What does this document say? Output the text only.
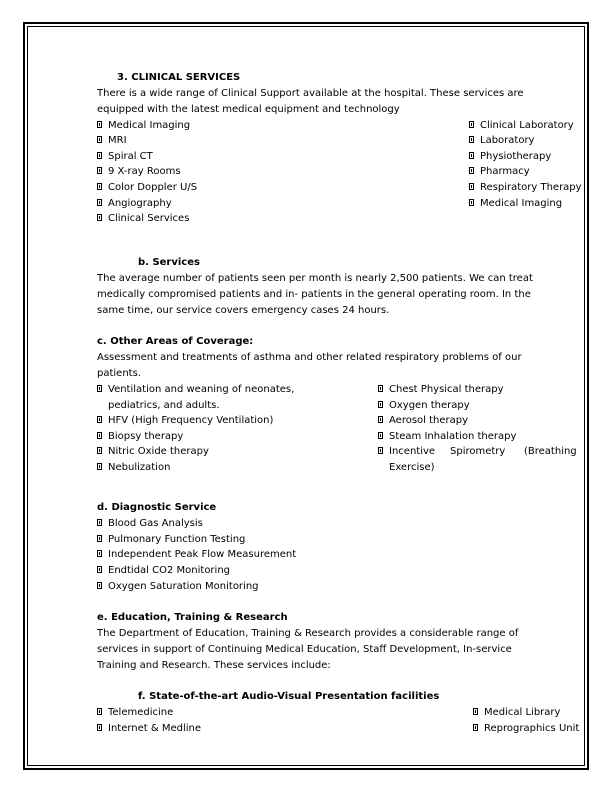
3. CLINICAL SERVICES
There is a wide range of Clinical Support available at the hospital. These services are
equipped with the latest medical equipment and technology
Medical Imaging
MRI
Spiral CT
9 X-ray Rooms
Color Doppler U/S
Angiography
Clinical Services
Clinical Laboratory
Laboratory
Physiotherapy
Pharmacy
Respiratory Therapy
Medical Imaging
b. Services
The average number of patients seen per month is nearly 2,500 patients. We can treat
medically compromised patients and in- patients in the general operating room. In the
same time, our service covers emergency cases 24 hours.
c. Other Areas of Coverage:
Assessment and treatments of asthma and other related respiratory problems of our
patients.
Ventilation and weaning of neonates,
pediatrics, and adults.
HFV (High Frequency Ventilation)
Biopsy therapy
Nitric Oxide therapy
Nebulization
Chest Physical therapy
Oxygen therapy
Aerosol therapy
Steam Inhalation therapy
Incentive Spirometry (Breathing
Exercise)
d. Diagnostic Service
Blood Gas Analysis
Pulmonary Function Testing
Independent Peak Flow Measurement
Endtidal CO2 Monitoring
Oxygen Saturation Monitoring
e. Education, Training & Research
The Department of Education, Training & Research provides a considerable range of
services in support of Continuing Medical Education, Staff Development, In-service
Training and Research. These services include:
f. State-of-the-art Audio-Visual Presentation facilities
Telemedicine
Internet & Medline
Medical Library
Reprographics Unit
